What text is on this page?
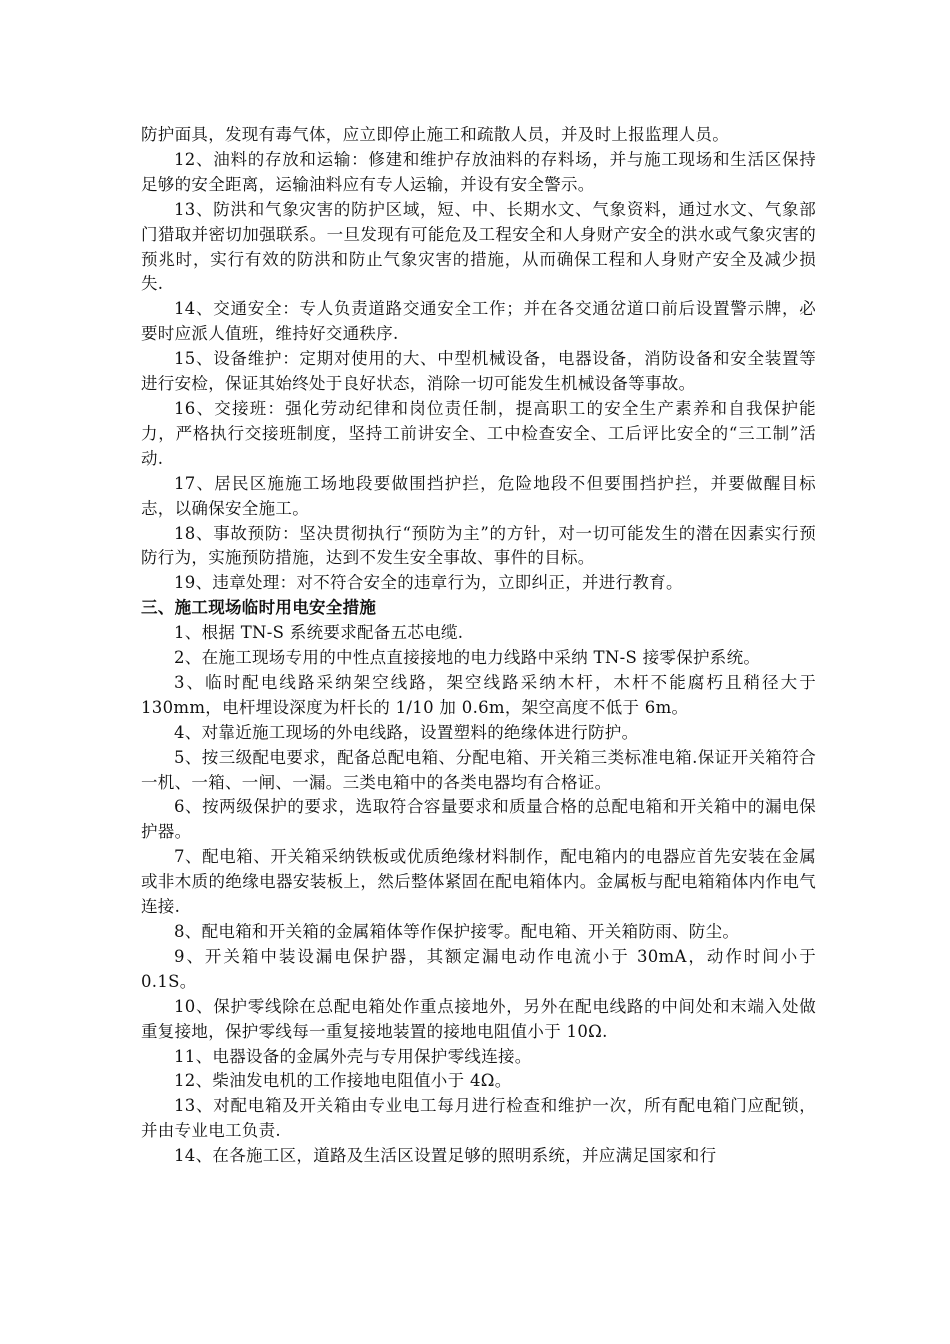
防护面具，发现有毒气体，应立即停止施工和疏散人员，并及时上报监理人员。

12、油料的存放和运输：修建和维护存放油料的存料场，并与施工现场和生活区保持足够的安全距离，运输油料应有专人运输，并设有安全警示。

13、防洪和气象灾害的防护区域，短、中、长期水文、气象资料，通过水文、气象部门猎取并密切加强联系。一旦发现有可能危及工程安全和人身财产安全的洪水或气象灾害的预兆时，实行有效的防洪和防止气象灾害的措施，从而确保工程和人身财产安全及减少损失.

14、交通安全：专人负责道路交通安全工作；并在各交通岔道口前后设置警示牌，必要时应派人值班，维持好交通秩序.

15、设备维护：定期对使用的大、中型机械设备，电器设备，消防设备和安全装置等进行安检，保证其始终处于良好状态，消除一切可能发生机械设备等事故。

16、交接班：强化劳动纪律和岗位责任制，提高职工的安全生产素养和自我保护能力，严格执行交接班制度，坚持工前讲安全、工中检查安全、工后评比安全的“三工制”活动.

17、居民区施施工场地段要做围挡护拦，危险地段不但要围挡护拦，并要做醒目标志，以确保安全施工。

18、事故预防：坚决贯彻执行“预防为主”的方针，对一切可能发生的潜在因素实行预防行为，实施预防措施，达到不发生安全事故、事件的目标。

19、违章处理：对不符合安全的违章行为，立即纠正，并进行教育。

三、施工现场临时用电安全措施

1、根据 TN-S 系统要求配备五芯电缆.

2、在施工现场专用的中性点直接接地的电力线路中采纳 TN-S 接零保护系统。

3、临时配电线路采纳架空线路，架空线路采纳木杆，木杆不能腐朽且稍径大于 130mm，电杆埋设深度为杆长的 1/10 加 0.6m，架空高度不低于 6m。

4、对靠近施工现场的外电线路，设置塑料的绝缘体进行防护。

5、按三级配电要求，配备总配电箱、分配电箱、开关箱三类标准电箱.保证开关箱符合一机、一箱、一闸、一漏。三类电箱中的各类电器均有合格证。

6、按两级保护的要求，选取符合容量要求和质量合格的总配电箱和开关箱中的漏电保护器。

7、配电箱、开关箱采纳铁板或优质绝缘材料制作，配电箱内的电器应首先安装在金属或非木质的绝缘电器安装板上，然后整体紧固在配电箱体内。金属板与配电箱箱体内作电气连接.

8、配电箱和开关箱的金属箱体等作保护接零。配电箱、开关箱防雨、防尘。

9、开关箱中装设漏电保护器，其额定漏电动作电流小于 30mA，动作时间小于 0.1S。

10、保护零线除在总配电箱处作重点接地外，另外在配电线路的中间处和末端入处做重复接地，保护零线每一重复接地装置的接地电阻值小于 10Ω.

11、电器设备的金属外壳与专用保护零线连接。

12、柴油发电机的工作接地电阻值小于 4Ω。

13、对配电箱及开关箱由专业电工每月进行检查和维护一次，所有配电箱门应配锁，并由专业电工负责.

14、在各施工区，道路及生活区设置足够的照明系统，并应满足国家和行
